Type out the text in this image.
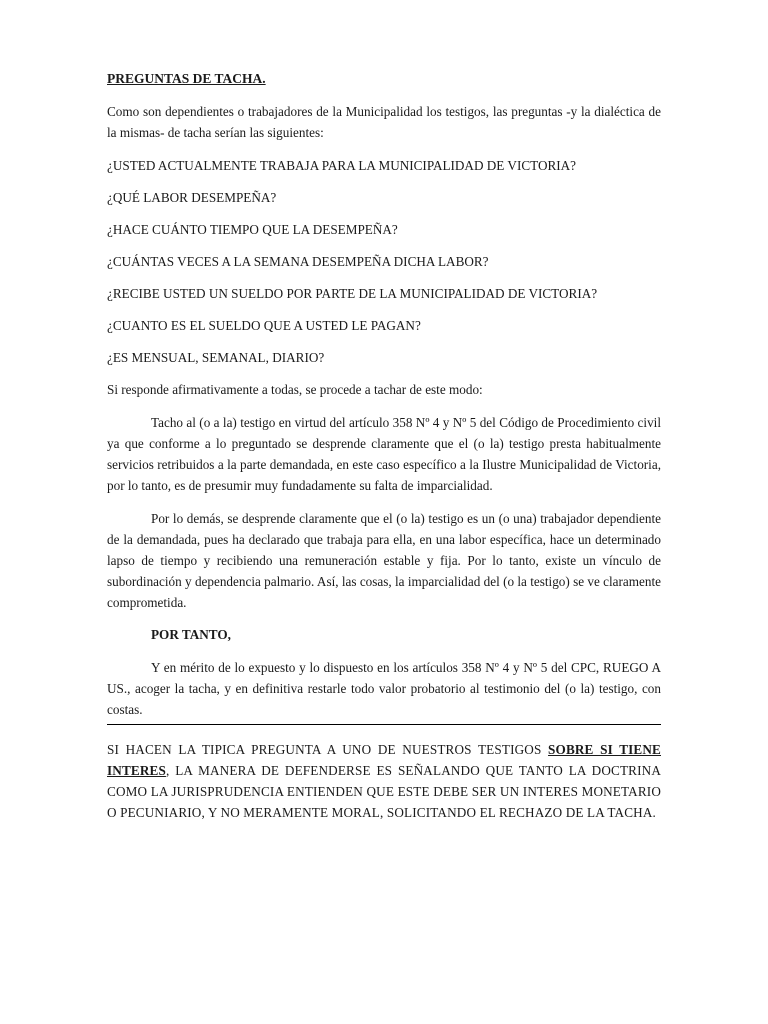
PREGUNTAS DE TACHA.

Como son dependientes o trabajadores de la Municipalidad los testigos, las preguntas -y la dialéctica de la mismas- de tacha serían las siguientes:

¿USTED ACTUALMENTE TRABAJA PARA LA MUNICIPALIDAD DE VICTORIA?

¿QUÉ LABOR DESEMPEÑA?

¿HACE CUÁNTO TIEMPO QUE LA DESEMPEÑA?

¿CUÁNTAS VECES A LA SEMANA DESEMPEÑA DICHA LABOR?

¿RECIBE USTED UN SUELDO POR PARTE DE LA MUNICIPALIDAD DE VICTORIA?

¿CUANTO ES EL SUELDO QUE A USTED LE PAGAN?

¿ES MENSUAL, SEMANAL, DIARIO?

Si responde afirmativamente a todas, se procede a tachar de este modo:

Tacho al (o a la) testigo en virtud del artículo 358 Nº 4 y Nº 5 del Código de Procedimiento civil ya que conforme a lo preguntado se desprende claramente que el (o la) testigo presta habitualmente servicios retribuidos a la parte demandada, en este caso específico a la Ilustre Municipalidad de Victoria, por lo tanto, es de presumir muy fundadamente su falta de imparcialidad.

Por lo demás, se desprende claramente que el (o la) testigo es un (o una) trabajador dependiente de la demandada, pues ha declarado que trabaja para ella, en una labor específica, hace un determinado lapso de tiempo y recibiendo una remuneración estable y fija. Por lo tanto, existe un vínculo de subordinación y dependencia palmario. Así, las cosas, la imparcialidad del (o la testigo) se ve claramente comprometida.

POR TANTO,

Y en mérito de lo expuesto y lo dispuesto en los artículos 358 Nº 4 y Nº 5 del CPC, RUEGO A US., acoger la tacha, y en definitiva restarle todo valor probatorio al testimonio del (o la) testigo, con costas.

SI HACEN LA TIPICA PREGUNTA A UNO DE NUESTROS TESTIGOS SOBRE SI TIENE INTERES, LA MANERA DE DEFENDERSE ES SEÑALANDO QUE TANTO LA DOCTRINA COMO LA JURISPRUDENCIA ENTIENDEN QUE ESTE DEBE SER UN INTERES MONETARIO O PECUNIARIO, Y NO MERAMENTE MORAL, SOLICITANDO EL RECHAZO DE LA TACHA.
